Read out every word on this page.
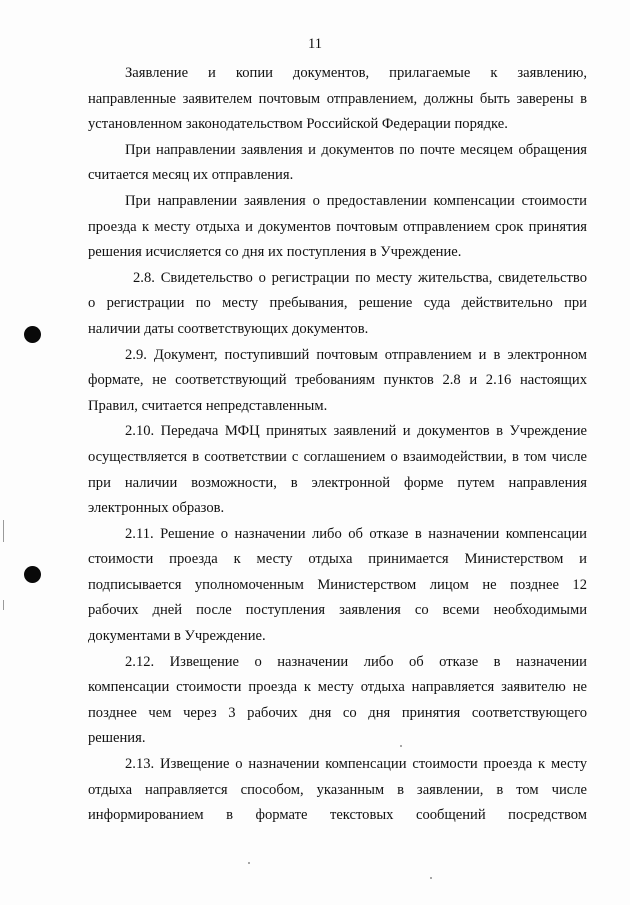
11
Заявление и копии документов, прилагаемые к заявлению,
направленные заявителем почтовым отправлением, должны быть заверены в
установленном законодательством Российской Федерации порядке.
При направлении заявления и документов по почте месяцем обращения
считается месяц их отправления.
При направлении заявления о предоставлении компенсации стоимости
проезда к месту отдыха и документов почтовым отправлением срок принятия
решения исчисляется со дня их поступления в Учреждение.
2.8. Свидетельство о регистрации по месту жительства, свидетельство
о регистрации по месту пребывания, решение суда действительно при
наличии даты соответствующих документов.
2.9. Документ, поступивший почтовым отправлением и в электронном
формате, не соответствующий требованиям пунктов 2.8 и 2.16 настоящих
Правил, считается непредставленным.
2.10. Передача МФЦ принятых заявлений и документов в Учреждение
осуществляется в соответствии с соглашением о взаимодействии, в том числе
при наличии возможности, в электронной форме путем направления
электронных образов.
2.11. Решение о назначении либо об отказе в назначении компенсации
стоимости проезда к месту отдыха принимается Министерством и
подписывается уполномоченным Министерством лицом не позднее 12
рабочих дней после поступления заявления со всеми необходимыми
документами в Учреждение.
2.12. Извещение о назначении либо об отказе в назначении
компенсации стоимости проезда к месту отдыха направляется заявителю не
позднее чем через 3 рабочих дня со дня принятия соответствующего
решения.
2.13. Извещение о назначении компенсации стоимости проезда к месту
отдыха направляется способом, указанным в заявлении, в том числе
информированием в формате текстовых сообщений посредством
